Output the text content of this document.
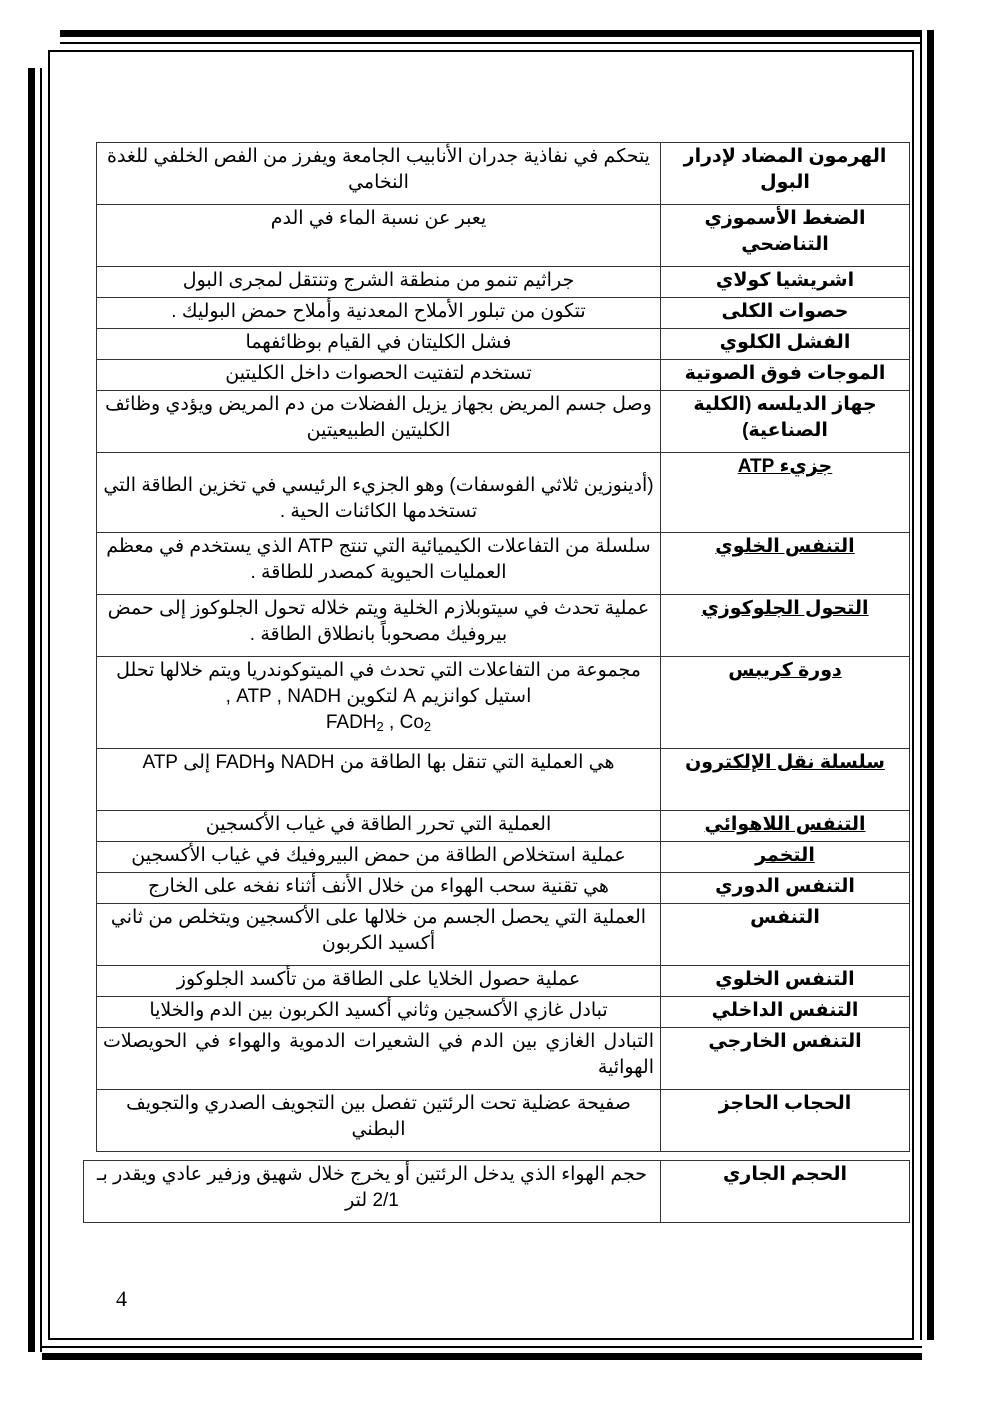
الهرمون المضاد لإدرار البول	يتحكم في نفاذية جدران الأنابيب الجامعة ويفرز من الفص الخلفي للغدة النخامي
الضغط الأسموزي التناضحي	يعبر عن نسبة الماء في الدم
اشريشيا كولاي	جراثيم تنمو من منطقة الشرج وتنتقل لمجرى البول
حصوات الكلى	تتكون من تبلور الأملاح المعدنية وأملاح حمض البوليك .
الفشل الكلوي	فشل الكليتان في القيام بوظائفهما
الموجات فوق الصوتية	تستخدم لتفتيت الحصوات داخل الكليتين
جهاز الديلسه (الكلية الصناعية)	وصل جسم المريض بجهاز يزيل الفضلات من دم المريض ويؤدي وظائف الكليتين الطبيعيتين
جزيء ATP	(أدينوزين ثلاثي الفوسفات) وهو الجزيء الرئيسي في تخزين الطاقة التي تستخدمها الكائنات الحية .
التنفس الخلوي	سلسلة من التفاعلات الكيميائية التي تنتج ATP الذي يستخدم في معظم العمليات الحيوية كمصدر للطاقة .
التحول الجلوكوزي	عملية تحدث في سيتوبلازم الخلية ويتم خلاله تحول الجلوكوز إلى حمض بيروفيك مصحوباً بانطلاق الطاقة .
دورة كريبس	مجموعة من التفاعلات التي تحدث في الميتوكوندريا ويتم خلالها تحلل استيل كوانزيم A لتكوين ATP , NADH ,
$FADH_2$ , $Co_2$
سلسلة نقل الإلكترون	هي العملية التي تنقل بها الطاقة من NADH وFADH إلى ATP
التنفس اللاهوائي	العملية التي تحرر الطاقة في غياب الأكسجين
التخمر	عملية استخلاص الطاقة من حمض البيروفيك في غياب الأكسجين
التنفس الدوري	هي تقنية سحب الهواء من خلال الأنف أثناء نفخه على الخارج
التنفس	العملية التي يحصل الجسم من خلالها على الأكسجين ويتخلص من ثاني أكسيد الكربون
التنفس الخلوي	عملية حصول الخلايا على الطاقة من تأكسد الجلوكوز
التنفس الداخلي	تبادل غازي الأكسجين وثاني أكسيد الكربون بين الدم والخلايا
التنفس الخارجي	التبادل الغازي بين الدم في الشعيرات الدموية والهواء في الحويصلات الهوائية
الحجاب الحاجز	صفيحة عضلية تحت الرئتين تفصل بين التجويف الصدري والتجويف البطني
الحجم الجاري	حجم الهواء الذي يدخل الرئتين أو يخرج خلال شهيق وزفير عادي ويقدر بـ 2/1 لتر
4
